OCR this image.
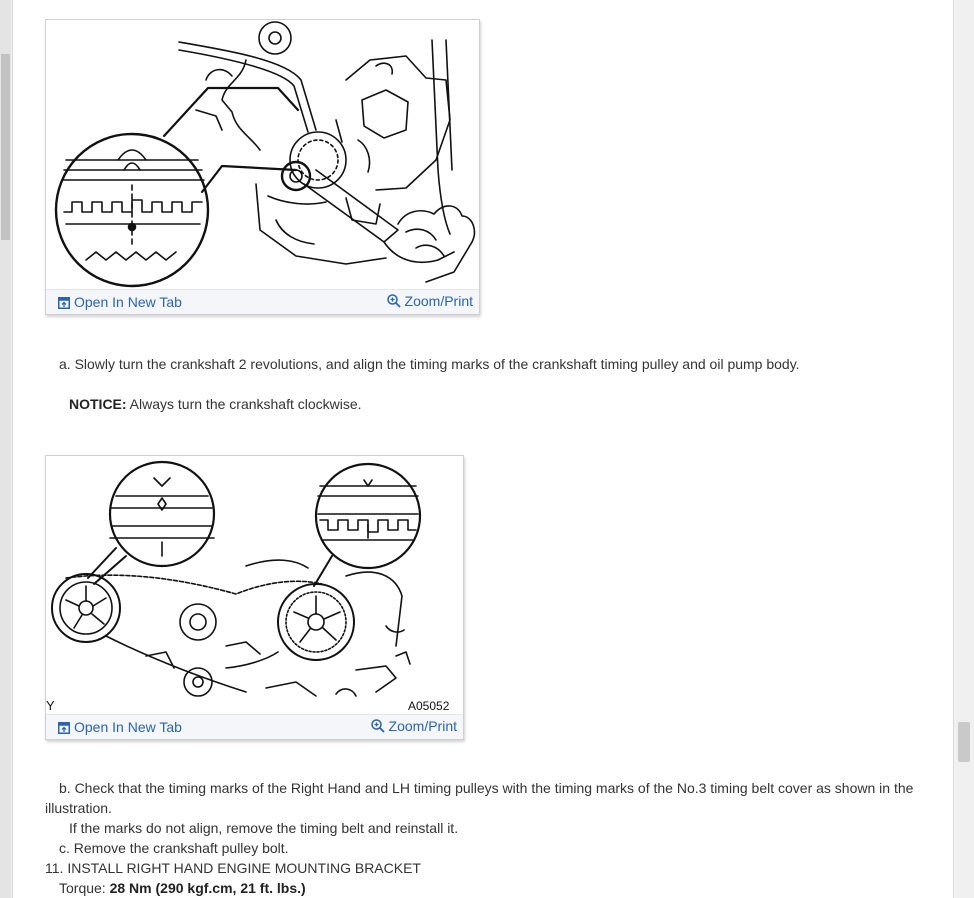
Open In New Tab	Zoom/Print
a. Slowly turn the crankshaft 2 revolutions, and align the timing marks of the crankshaft timing pulley and oil pump body.
NOTICE: Always turn the crankshaft clockwise.
Y	A05052
Open In New Tab	Zoom/Print
b. Check that the timing marks of the Right Hand and LH timing pulleys with the timing marks of the No.3 timing belt cover as shown in the
illustration.
If the marks do not align, remove the timing belt and reinstall it.
c. Remove the crankshaft pulley bolt.
11. INSTALL RIGHT HAND ENGINE MOUNTING BRACKET
Torque: 28 Nm (290 kgf.cm, 21 ft. lbs.)
